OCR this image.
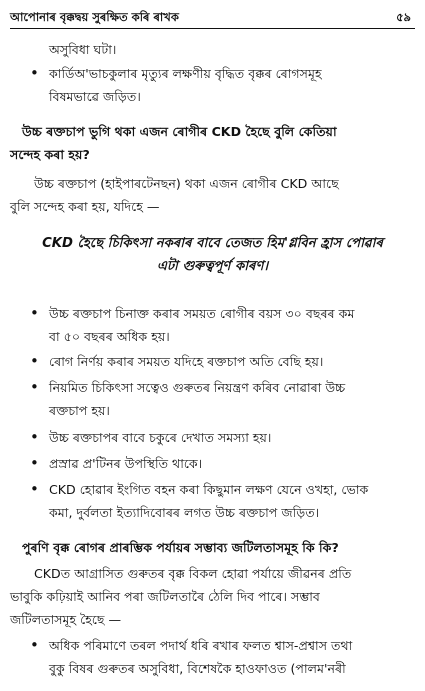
আপোনাৰ বৃক্কদ্বয় সুৰক্ষিত কৰি ৰাখক	৫৯
অসুবিধা ঘটা।
•
কাৰ্ডিঅ'ভাচকুলাৰ মৃত্যুৰ লক্ষণীয় বৃদ্ধিত বৃক্কৰ ৰোগসমূহ
বিষমভাৱে জড়িত।
উচ্চ ৰক্তচাপ ভুগি থকা এজন ৰোগীৰ CKD হৈছে বুলি কেতিয়া
সন্দেহ কৰা হয়?
উচ্চ ৰক্তচাপ (হাইপাৰটেনছন) থকা এজন ৰোগীৰ CKD আছে
বুলি সন্দেহ কৰা হয়, যদিহে —
CKD হৈছে চিকিৎসা নকৰাৰ বাবে তেজত হিম'গ্লবিন হ্রাস পোৱাৰ
এটা গুৰুত্বপূৰ্ণ কাৰণ।
•
উচ্চ ৰক্তচাপ চিনাক্ত কৰাৰ সময়ত ৰোগীৰ বয়স ৩০ বছৰৰ কম
বা ৫০ বছৰৰ অধিক হয়।
•
ৰোগ নিৰ্ণয় কৰাৰ সময়ত যদিহে ৰক্তচাপ অতি বেছি হয়।
•
নিয়মিত চিকিৎসা সত্বেও গুৰুতৰ নিয়ন্ত্ৰণ কৰিব নোৱাৰা উচ্চ
ৰক্তচাপ হয়।
•
উচ্চ ৰক্তচাপৰ বাবে চকুৰে দেখাত সমস্যা হয়।
•
প্ৰস্ৰাৱ প্ৰ'টিনৰ উপস্থিতি থাকে।
•
CKD হোৱাৰ ইংগিত বহন কৰা কিছুমান লক্ষণ যেনে ওখহা, ভোক
কমা, দুৰ্বলতা ইত্যাদিবোৰৰ লগত উচ্চ ৰক্তচাপ জড়িত।
পুৰণি বৃক্ক ৰোগৰ প্ৰাৰম্ভিক পৰ্যায়ৰ সম্ভাব্য জটিলতাসমূহ কি কি?
CKDত আগ্ৰাসিত গুৰুতৰ বৃক্ক বিকল হোৱা পৰ্যায়ে জীৱনৰ প্ৰতি
ভাবুকি কঢ়িয়াই আনিব পৰা জটিলতাৰৈ ঠেলি দিব পাৰে। সম্ভাব
জটিলতাসমূহ হৈছে —
•
অধিক পৰিমাণে তৰল পদাৰ্থ ধৰি ৰখাৰ ফলত শ্বাস-প্ৰশ্বাস তথা
বুকু বিষৰ গুৰুতৰ অসুবিধা, বিশেষকৈ হাওফাওত (পালম'নৰী
